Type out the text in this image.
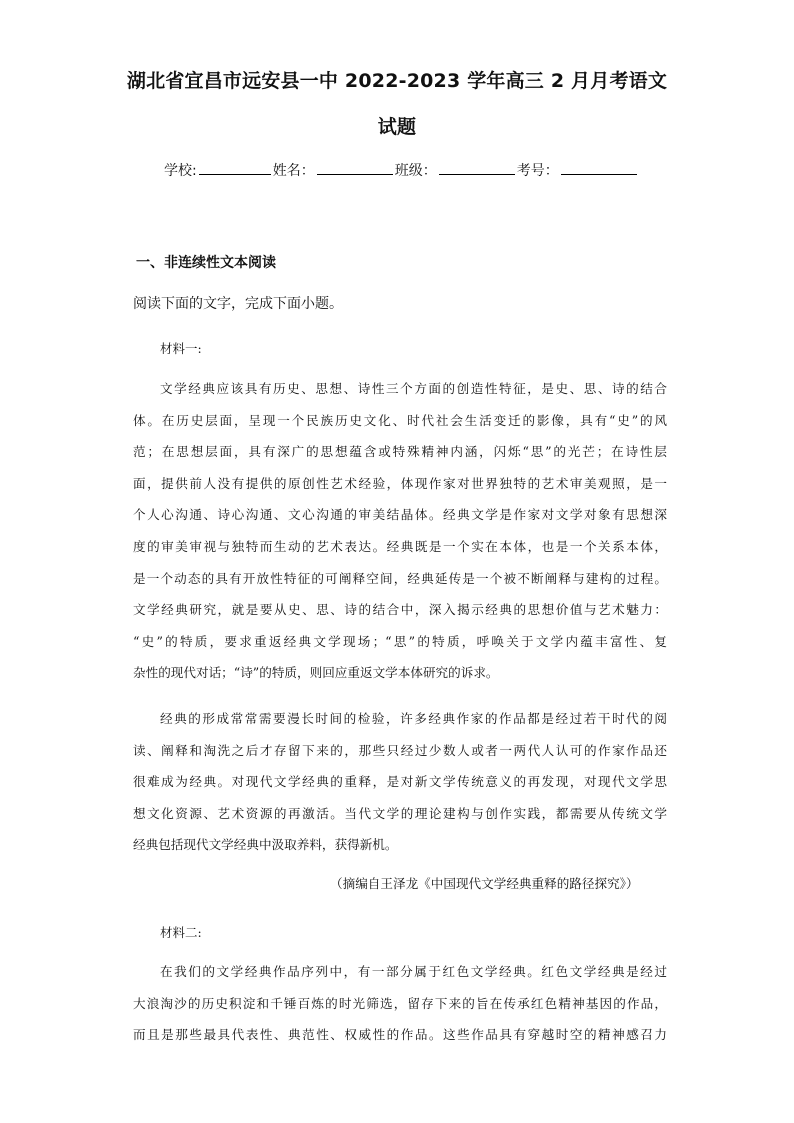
湖北省宜昌市远安县一中 2022-2023 学年高三 2 月月考语文
试题
学校:	姓名：	班级：	考号：
一、非连续性文本阅读
阅读下面的文字，完成下面小题。
材料一:
文学经典应该具有历史、思想、诗性三个方面的创造性特征，是史、思、诗的结合
体。在历史层面，呈现一个民族历史文化、时代社会生活变迁的影像，具有“史”的风
范；在思想层面，具有深广的思想蕴含或特殊精神内涵，闪烁“思”的光芒；在诗性层
面，提供前人没有提供的原创性艺术经验，体现作家对世界独特的艺术审美观照，是一
个人心沟通、诗心沟通、文心沟通的审美结晶体。经典文学是作家对文学对象有思想深
度的审美审视与独特而生动的艺术表达。经典既是一个实在本体，也是一个关系本体，
是一个动态的具有开放性特征的可阐释空间，经典延传是一个被不断阐释与建构的过程。
文学经典研究，就是要从史、思、诗的结合中，深入揭示经典的思想价值与艺术魅力：
“史”的特质，要求重返经典文学现场；“思”的特质，呼唤关于文学内蕴丰富性、复
杂性的现代对话；“诗”的特质，则回应重返文学本体研究的诉求。
经典的形成常常需要漫长时间的检验，许多经典作家的作品都是经过若干时代的阅
读、阐释和淘洗之后才存留下来的，那些只经过少数人或者一两代人认可的作家作品还
很难成为经典。对现代文学经典的重释，是对新文学传统意义的再发现，对现代文学思
想文化资源、艺术资源的再激活。当代文学的理论建构与创作实践，都需要从传统文学
经典包括现代文学经典中汲取养料，获得新机。
（摘编自王泽龙《中国现代文学经典重释的路径探究》）
材料二:
在我们的文学经典作品序列中，有一部分属于红色文学经典。红色文学经典是经过
大浪淘沙的历史积淀和千锤百炼的时光筛选，留存下来的旨在传承红色精神基因的作品，
而且是那些最具代表性、典范性、权威性的作品。这些作品具有穿越时空的精神感召力
